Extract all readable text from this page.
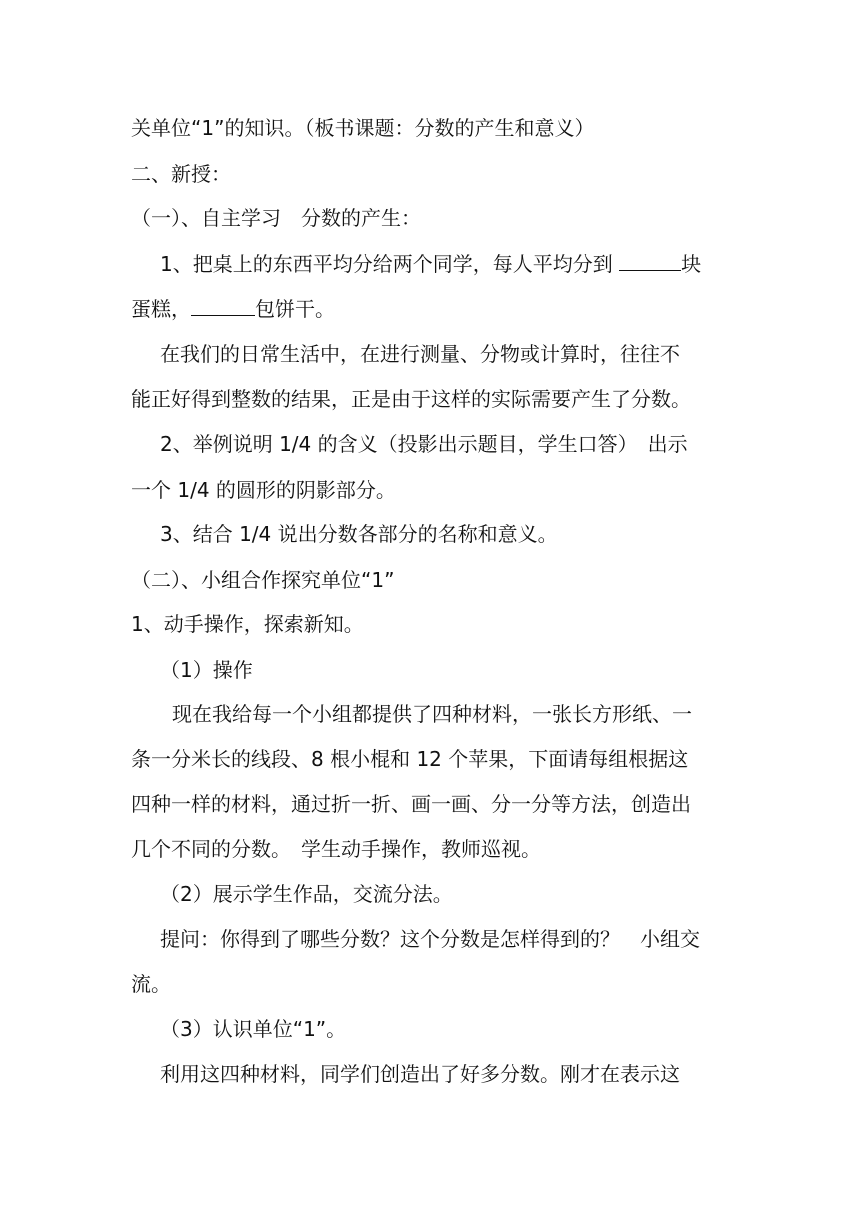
关单位“1”的知识。（板书课题：分数的产生和意义）
二、新授：
（一）、自主学习　分数的产生：
1、把桌上的东西平均分给两个同学，每人平均分到	块
蛋糕，	包饼干。
在我们的日常生活中，在进行测量、分物或计算时，往往不
能正好得到整数的结果，正是由于这样的实际需要产生了分数。
2、举例说明 1/4 的含义（投影出示题目，学生口答）　出示
一个 1/4 的圆形的阴影部分。
3、结合 1/4 说出分数各部分的名称和意义。
（二）、小组合作探究单位“1”
1、动手操作，探索新知。
（1）操作
现在我给每一个小组都提供了四种材料，一张长方形纸、一
条一分米长的线段、8 根小棍和 12 个苹果，下面请每组根据这
四种一样的材料，通过折一折、画一画、分一分等方法，创造出
几个不同的分数。　学生动手操作，教师巡视。
（2）展示学生作品，交流分法。
提问：你得到了哪些分数？这个分数是怎样得到的？　小组交
流。
（3）认识单位“1”。
利用这四种材料，同学们创造出了好多分数。刚才在表示这
